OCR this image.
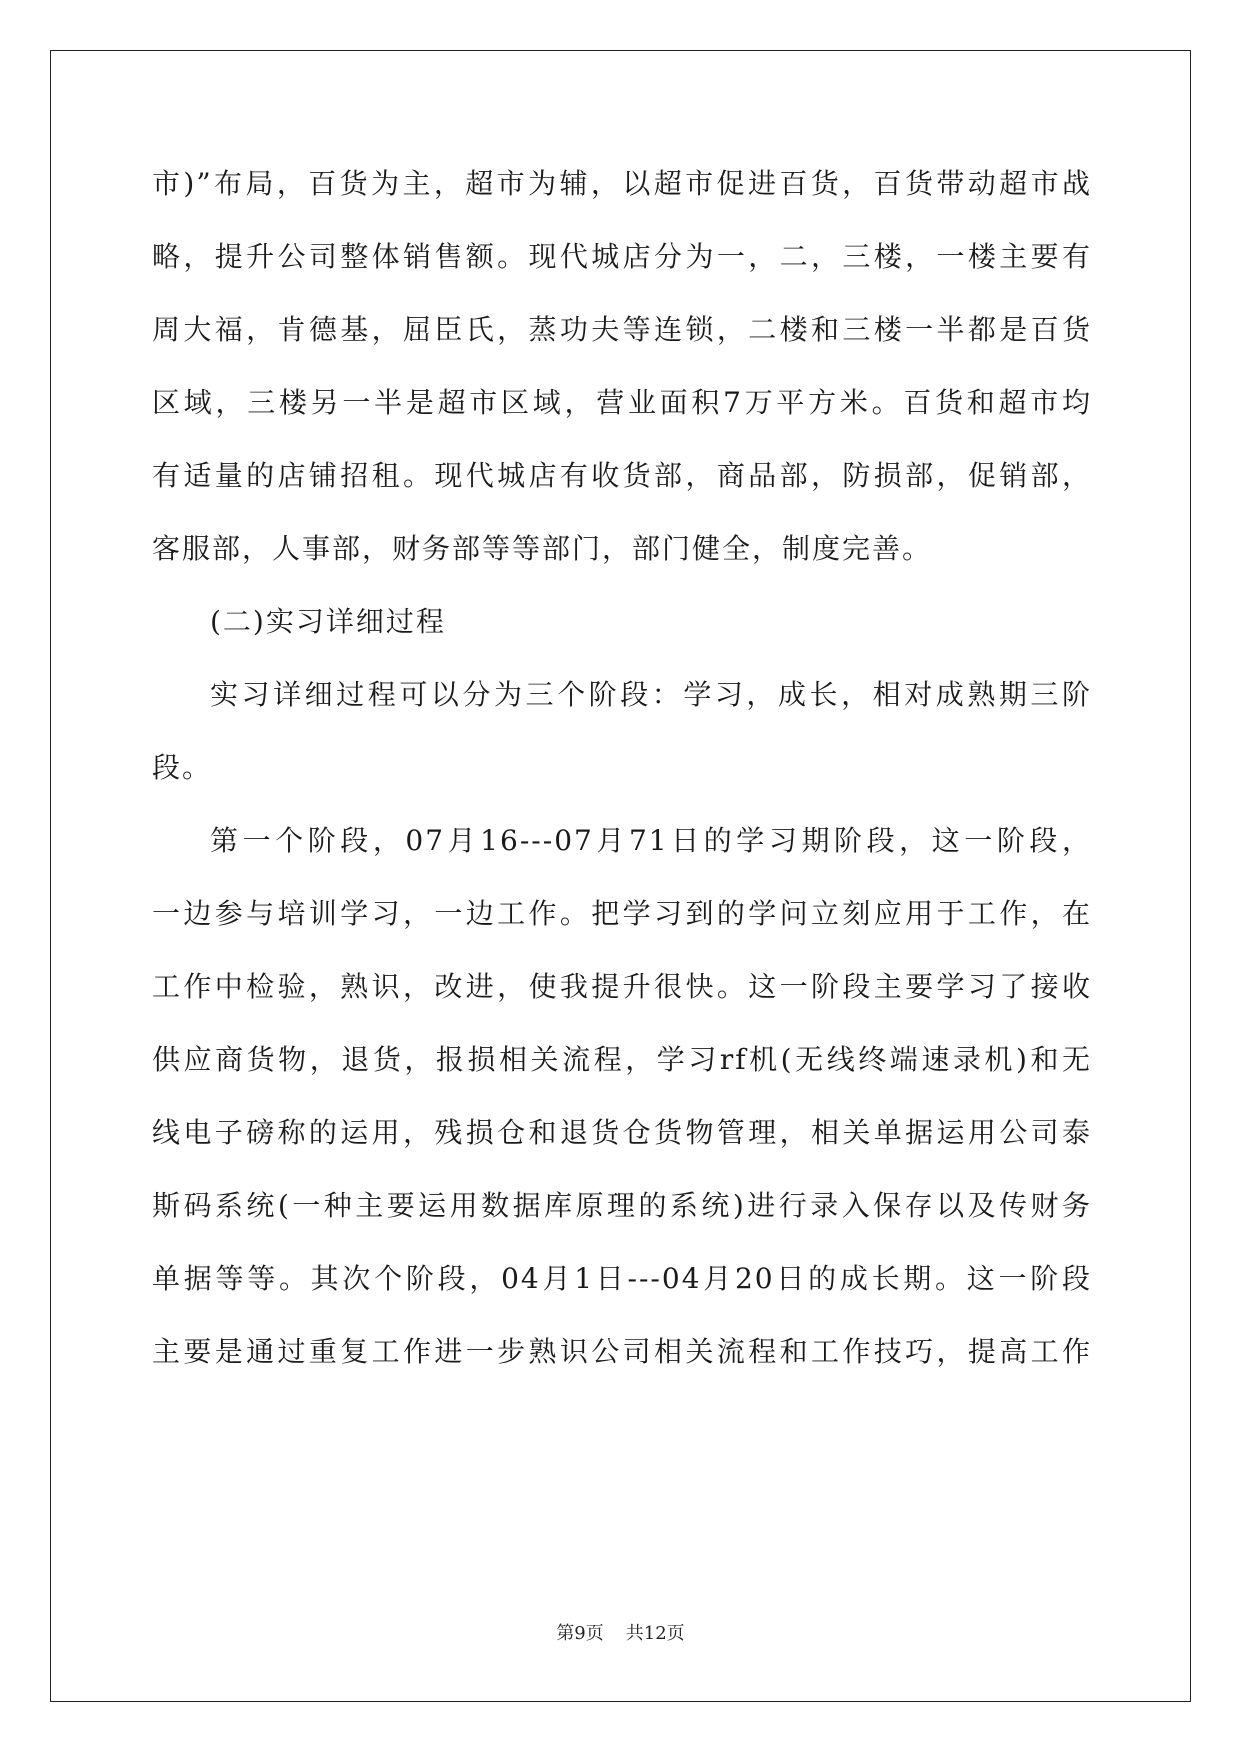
市)”布局，百货为主，超市为辅，以超市促进百货，百货带动超市战
略，提升公司整体销售额。现代城店分为一，二，三楼，一楼主要有
周大福，肯德基，屈臣氏，蒸功夫等连锁，二楼和三楼一半都是百货
区域，三楼另一半是超市区域，营业面积7万平方米。百货和超市均
有适量的店铺招租。现代城店有收货部，商品部，防损部，促销部，
客服部，人事部，财务部等等部门，部门健全，制度完善。
(二)实习详细过程
实习详细过程可以分为三个阶段：学习，成长，相对成熟期三阶
段。
第一个阶段，07月16---07月71日的学习期阶段，这一阶段，
一边参与培训学习，一边工作。把学习到的学问立刻应用于工作，在
工作中检验，熟识，改进，使我提升很快。这一阶段主要学习了接收
供应商货物，退货，报损相关流程，学习rf机(无线终端速录机)和无
线电子磅称的运用，残损仓和退货仓货物管理，相关单据运用公司泰
斯码系统(一种主要运用数据库原理的系统)进行录入保存以及传财务
单据等等。其次个阶段，04月1日---04月20日的成长期。这一阶段
主要是通过重复工作进一步熟识公司相关流程和工作技巧，提高工作
第9页 共12页
